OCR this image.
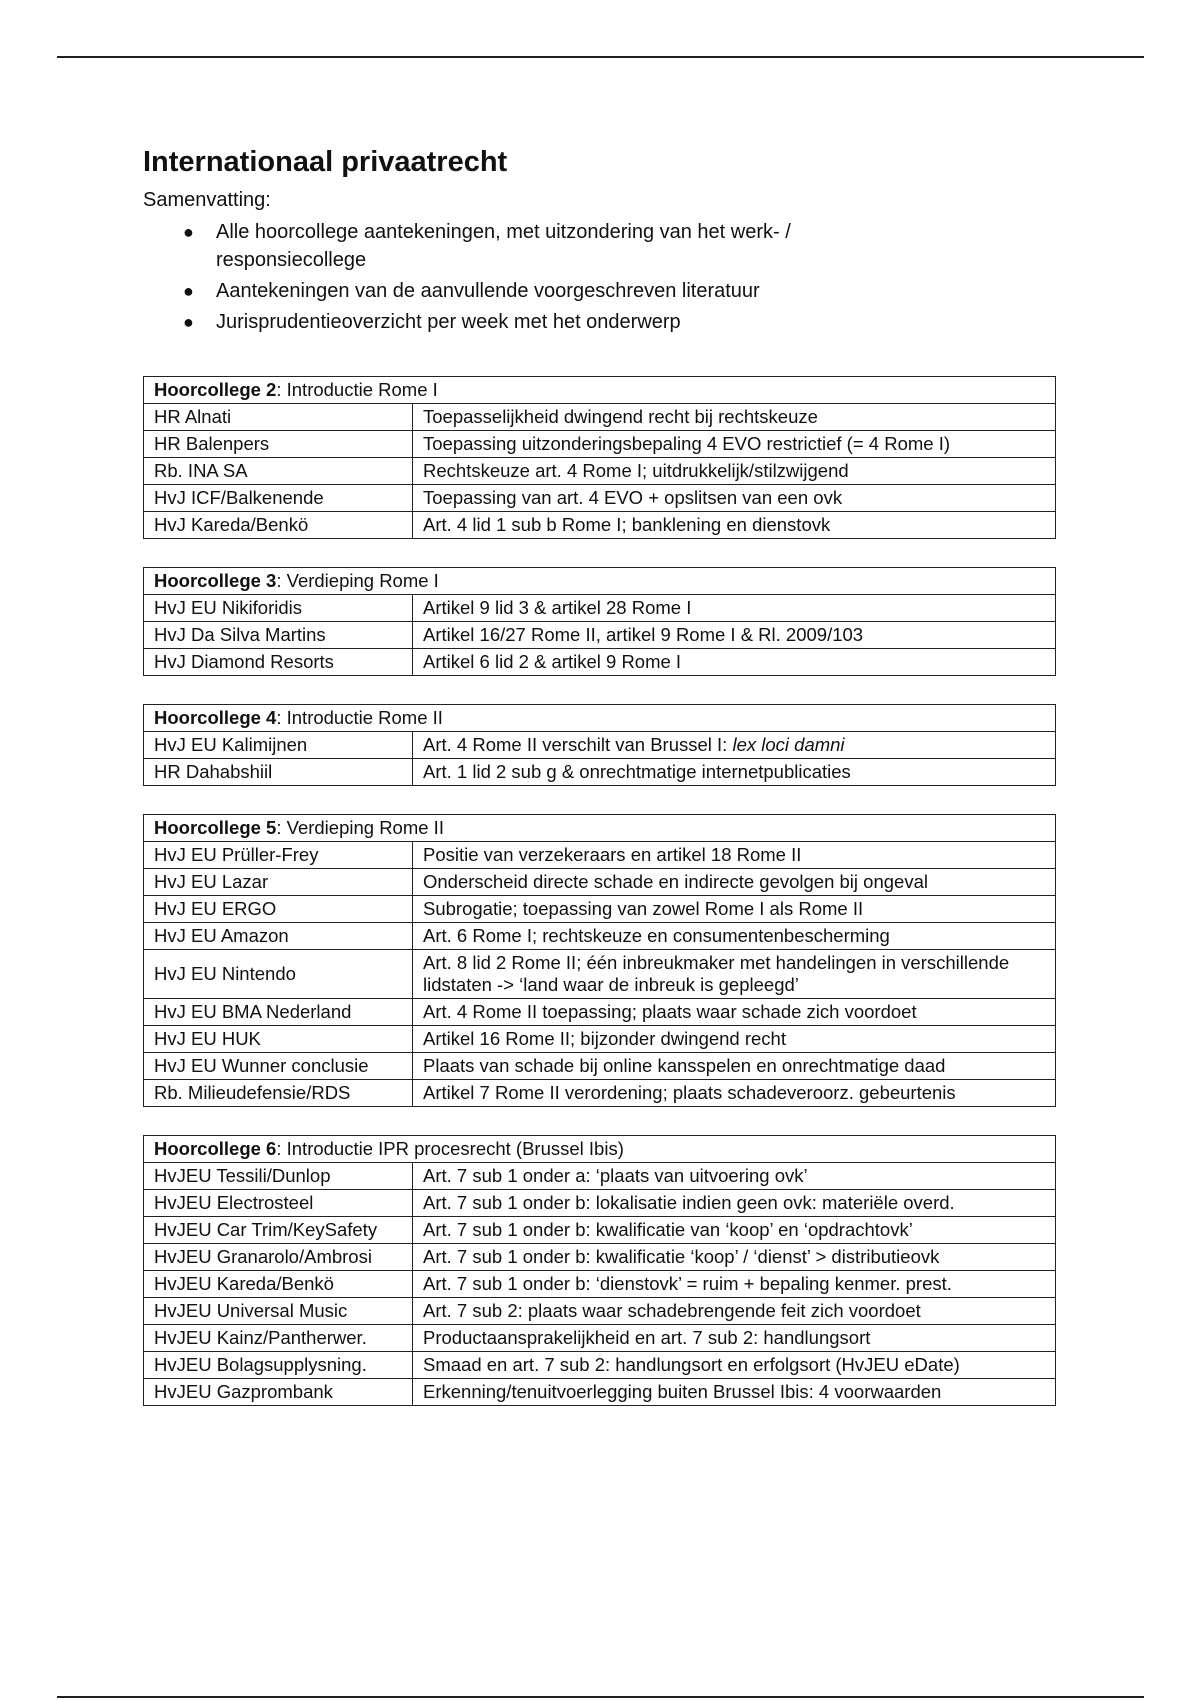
Internationaal privaatrecht

Samenvatting:

● Alle hoorcollege aantekeningen, met uitzondering van het werk- / responsiecollege
● Aantekeningen van de aanvullende voorgeschreven literatuur
● Jurisprudentieoverzicht per week met het onderwerp
Hoorcollege 2: Introductie Rome I	
HR Alnati	Toepasselijkheid dwingend recht bij rechtskeuze
HR Balenpers	Toepassing uitzonderingsbepaling 4 EVO restrictief (= 4 Rome I)
Rb. INA SA	Rechtskeuze art. 4 Rome I; uitdrukkelijk/stilzwijgend
HvJ ICF/Balkenende	Toepassing van art. 4 EVO + opslitsen van een ovk
HvJ Kareda/Benkö	Art. 4 lid 1 sub b Rome I; banklening en dienstovk
Hoorcollege 3: Verdieping Rome I	
HvJ EU Nikiforidis	Artikel 9 lid 3 & artikel 28 Rome I
HvJ Da Silva Martins	Artikel 16/27 Rome II, artikel 9 Rome I & Rl. 2009/103
HvJ Diamond Resorts	Artikel 6 lid 2 & artikel 9 Rome I
Hoorcollege 4: Introductie Rome II	
HvJ EU Kalimijnen	Art. 4 Rome II verschilt van Brussel I: lex loci damni
HR Dahabshiil	Art. 1 lid 2 sub g & onrechtmatige internetpublicaties
Hoorcollege 5: Verdieping Rome II	
HvJ EU Prüller-Frey	Positie van verzekeraars en artikel 18 Rome II
HvJ EU Lazar	Onderscheid directe schade en indirecte gevolgen bij ongeval
HvJ EU ERGO	Subrogatie; toepassing van zowel Rome I als Rome II
HvJ EU Amazon	Art. 6 Rome I; rechtskeuze en consumentenbescherming
HvJ EU Nintendo	Art. 8 lid 2 Rome II; één inbreukmaker met handelingen in verschillende lidstaten -> ‘land waar de inbreuk is gepleegd’
HvJ EU BMA Nederland	Art. 4 Rome II toepassing; plaats waar schade zich voordoet
HvJ EU HUK	Artikel 16 Rome II; bijzonder dwingend recht
HvJ EU Wunner conclusie	Plaats van schade bij online kansspelen en onrechtmatige daad
Rb. Milieudefensie/RDS	Artikel 7 Rome II verordening; plaats schadeveroorz. gebeurtenis
Hoorcollege 6: Introductie IPR procesrecht (Brussel Ibis)	
HvJEU Tessili/Dunlop	Art. 7 sub 1 onder a: ‘plaats van uitvoering ovk’
HvJEU Electrosteel	Art. 7 sub 1 onder b: lokalisatie indien geen ovk: materiële overd.
HvJEU Car Trim/KeySafety	Art. 7 sub 1 onder b: kwalificatie van ‘koop’ en ‘opdrachtovk’
HvJEU Granarolo/Ambrosi	Art. 7 sub 1 onder b: kwalificatie ‘koop’ / ‘dienst’ > distributieovk
HvJEU Kareda/Benkö	Art. 7 sub 1 onder b: ‘dienstovk’ = ruim + bepaling kenmer. prest.
HvJEU Universal Music	Art. 7 sub 2: plaats waar schadebrengende feit zich voordoet
HvJEU Kainz/Pantherwer.	Productaansprakelijkheid en art. 7 sub 2: handlungsort
HvJEU Bolagsupplysning.	Smaad en art. 7 sub 2: handlungsort en erfolgsort (HvJEU eDate)
HvJEU Gazprombank	Erkenning/tenuitvoerlegging buiten Brussel Ibis: 4 voorwaarden
